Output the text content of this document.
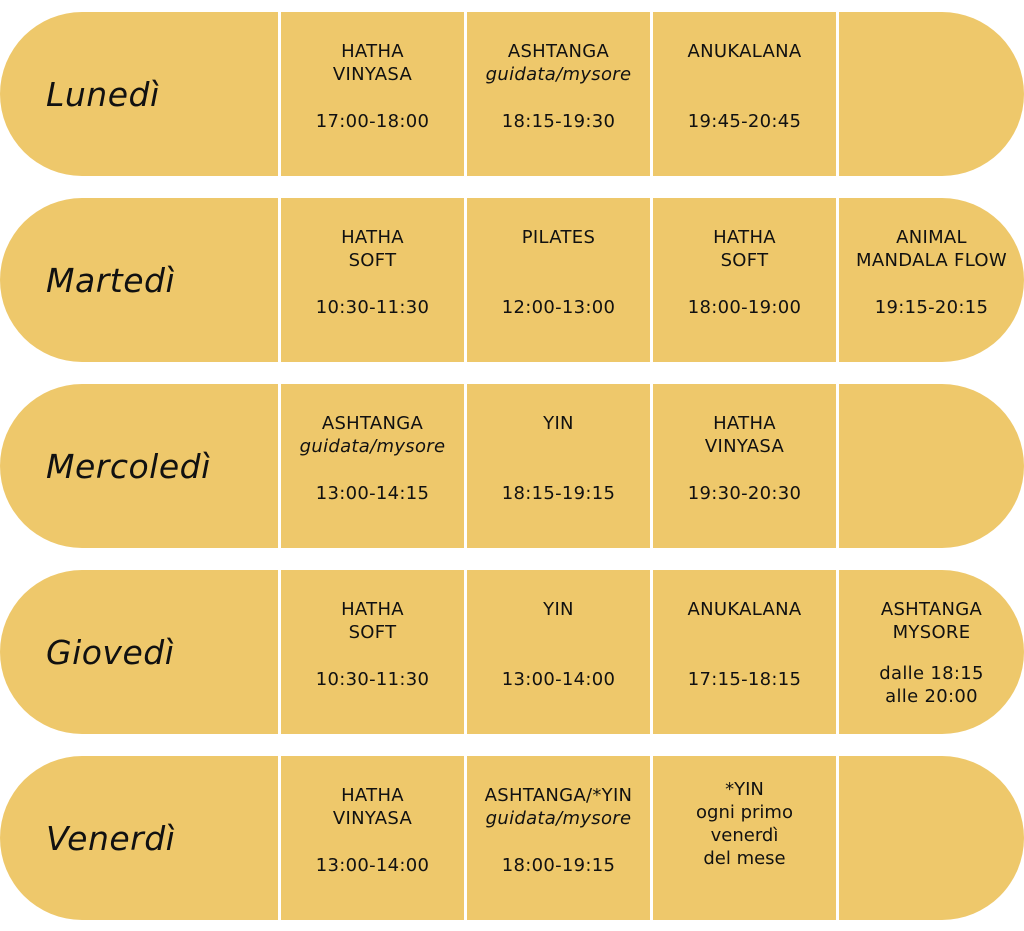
Lunedì
HATHA
VINYASA
17:00-18:00
ASHTANGA
guidata/mysore
18:15-19:30
ANUKALANA
19:45-20:45
Martedì
HATHA
SOFT
10:30-11:30
PILATES
12:00-13:00
HATHA
SOFT
18:00-19:00
ANIMAL
MANDALA FLOW
19:15-20:15
Mercoledì
ASHTANGA
guidata/mysore
13:00-14:15
YIN
18:15-19:15
HATHA
VINYASA
19:30-20:30
Giovedì
HATHA
SOFT
10:30-11:30
YIN
13:00-14:00
ANUKALANA
17:15-18:15
ASHTANGA
MYSORE
dalle 18:15
alle 20:00
Venerdì
HATHA
VINYASA
13:00-14:00
ASHTANGA/*YIN
guidata/mysore
18:00-19:15
*YIN
ogni primo
venerdì
del mese
